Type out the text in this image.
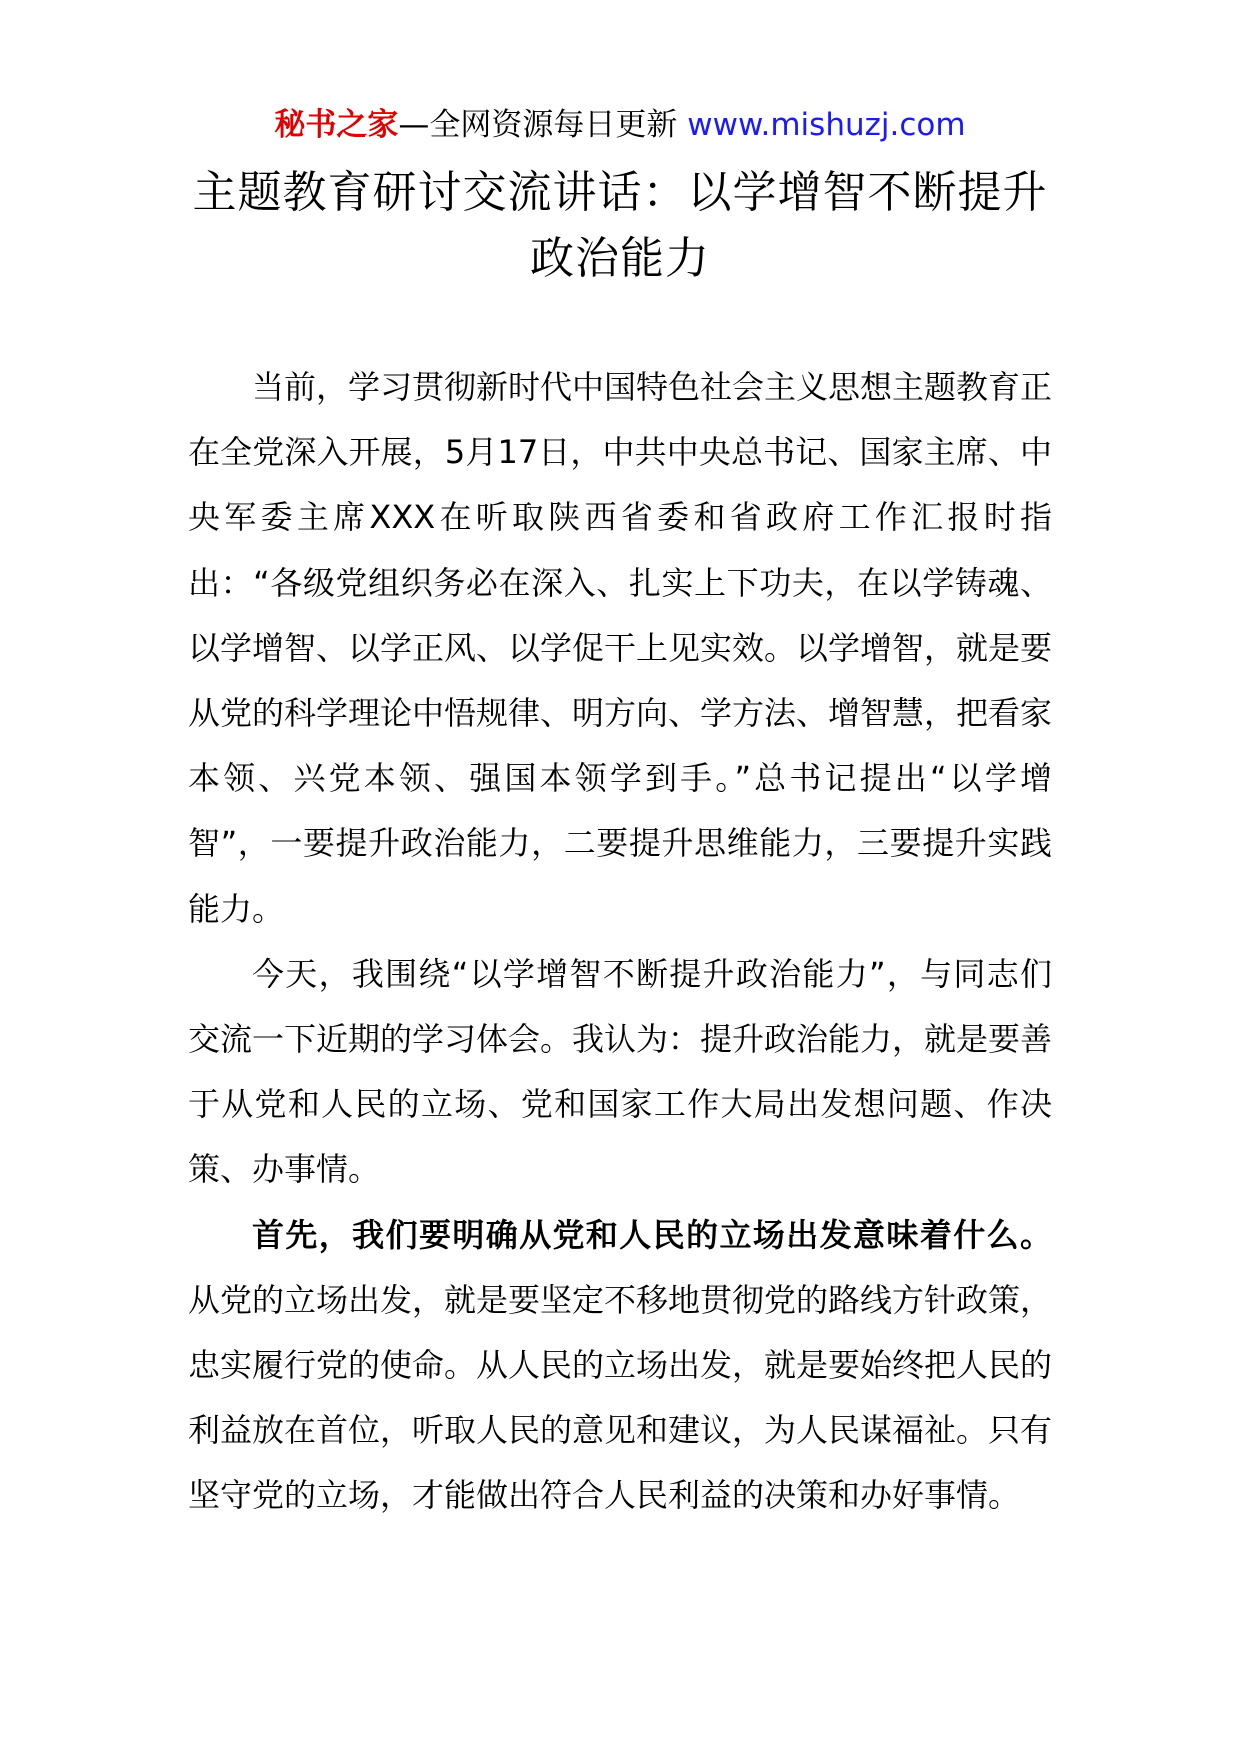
秘书之家—全网资源每日更新 www.mishuzj.com
主题教育研讨交流讲话：以学增智不断提升政治能力

当前，学习贯彻新时代中国特色社会主义思想主题教育正在全党深入开展，5月17日，中共中央总书记、国家主席、中央军委主席XXX在听取陕西省委和省政府工作汇报时指出：“各级党组织务必在深入、扎实上下功夫，在以学铸魂、以学增智、以学正风、以学促干上见实效。以学增智，就是要从党的科学理论中悟规律、明方向、学方法、增智慧，把看家本领、兴党本领、强国本领学到手。”总书记提出“以学增智”，一要提升政治能力，二要提升思维能力，三要提升实践能力。

今天，我围绕“以学增智不断提升政治能力”，与同志们交流一下近期的学习体会。我认为：提升政治能力，就是要善于从党和人民的立场、党和国家工作大局出发想问题、作决策、办事情。

首先，我们要明确从党和人民的立场出发意味着什么。从党的立场出发，就是要坚定不移地贯彻党的路线方针政策，忠实履行党的使命。从人民的立场出发，就是要始终把人民的利益放在首位，听取人民的意见和建议，为人民谋福祉。只有坚守党的立场，才能做出符合人民利益的决策和办好事情。
